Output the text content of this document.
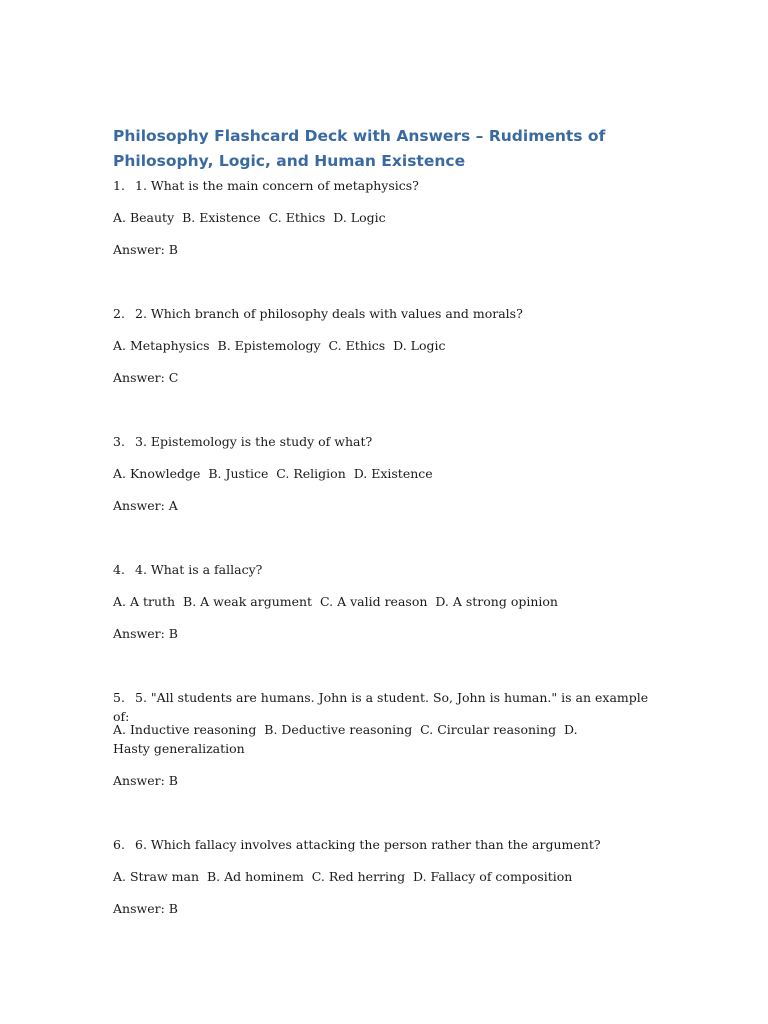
Philosophy Flashcard Deck with Answers – Rudiments of Philosophy, Logic, and Human Existence

1. 1. What is the main concern of metaphysics?

A. Beauty  B. Existence  C. Ethics  D. Logic

Answer: B

2. 2. Which branch of philosophy deals with values and morals?

A. Metaphysics  B. Epistemology  C. Ethics  D. Logic

Answer: C

3. 3. Epistemology is the study of what?

A. Knowledge  B. Justice  C. Religion  D. Existence

Answer: A

4. 4. What is a fallacy?

A. A truth  B. A weak argument  C. A valid reason  D. A strong opinion

Answer: B

5. 5. "All students are humans. John is a student. So, John is human." is an example of:

A. Inductive reasoning  B. Deductive reasoning  C. Circular reasoning  D. Hasty generalization

Answer: B

6. 6. Which fallacy involves attacking the person rather than the argument?

A. Straw man  B. Ad hominem  C. Red herring  D. Fallacy of composition

Answer: B
